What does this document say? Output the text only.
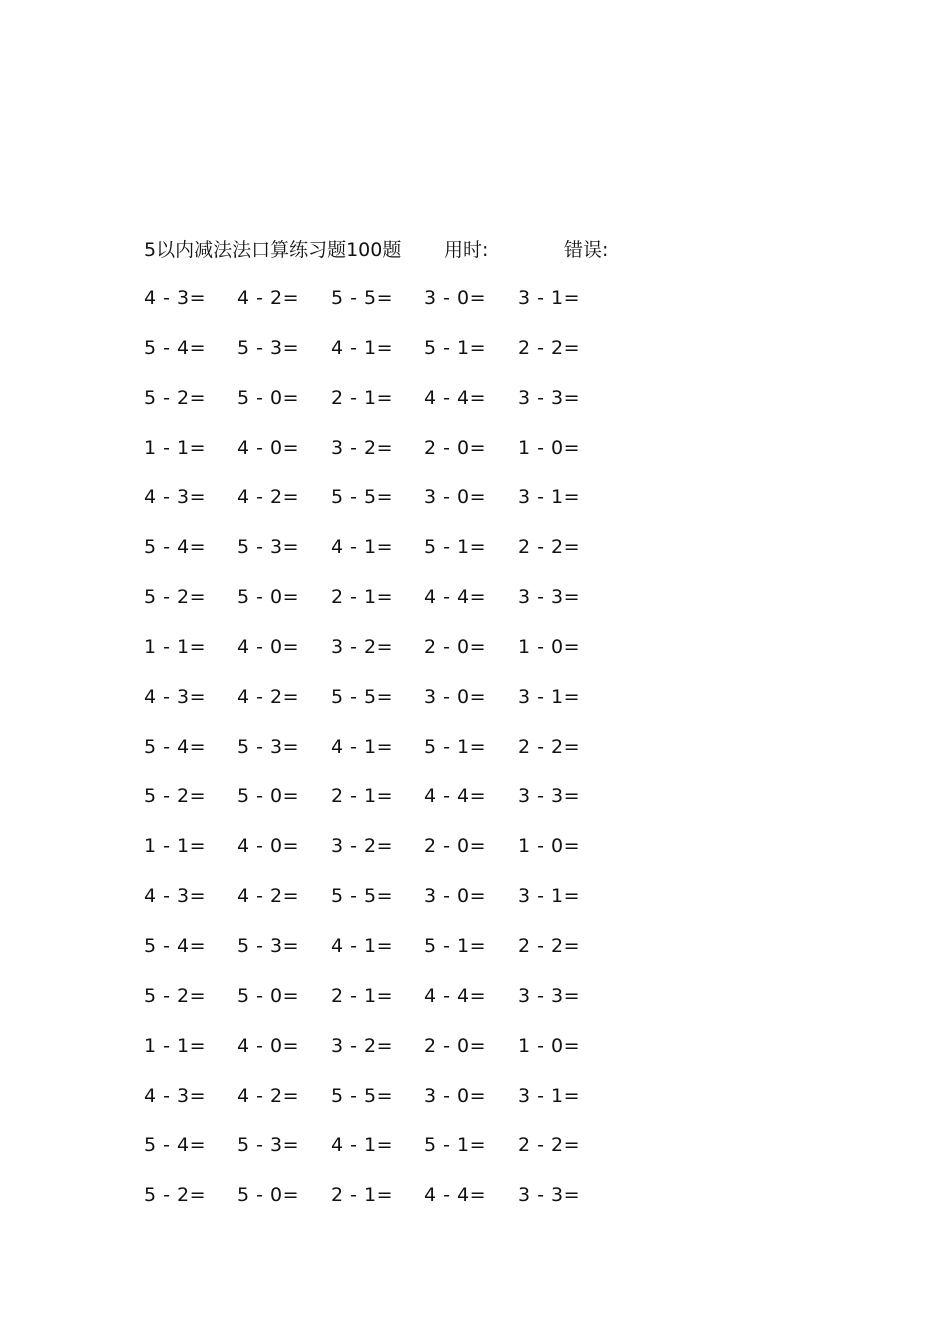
5以内减法法口算练习题100题 用时:	错误:
4 - 3= 4 - 2= 5 - 5= 3 - 0= 3 - 1=
5 - 4= 5 - 3= 4 - 1= 5 - 1= 2 - 2=
5 - 2= 5 - 0= 2 - 1= 4 - 4= 3 - 3=
1 - 1= 4 - 0= 3 - 2= 2 - 0= 1 - 0=
4 - 3= 4 - 2= 5 - 5= 3 - 0= 3 - 1=
5 - 4= 5 - 3= 4 - 1= 5 - 1= 2 - 2=
5 - 2= 5 - 0= 2 - 1= 4 - 4= 3 - 3=
1 - 1= 4 - 0= 3 - 2= 2 - 0= 1 - 0=
4 - 3= 4 - 2= 5 - 5= 3 - 0= 3 - 1=
5 - 4= 5 - 3= 4 - 1= 5 - 1= 2 - 2=
5 - 2= 5 - 0= 2 - 1= 4 - 4= 3 - 3=
1 - 1= 4 - 0= 3 - 2= 2 - 0= 1 - 0=
4 - 3= 4 - 2= 5 - 5= 3 - 0= 3 - 1=
5 - 4= 5 - 3= 4 - 1= 5 - 1= 2 - 2=
5 - 2= 5 - 0= 2 - 1= 4 - 4= 3 - 3=
1 - 1= 4 - 0= 3 - 2= 2 - 0= 1 - 0=
4 - 3= 4 - 2= 5 - 5= 3 - 0= 3 - 1=
5 - 4= 5 - 3= 4 - 1= 5 - 1= 2 - 2=
5 - 2= 5 - 0= 2 - 1= 4 - 4= 3 - 3=
